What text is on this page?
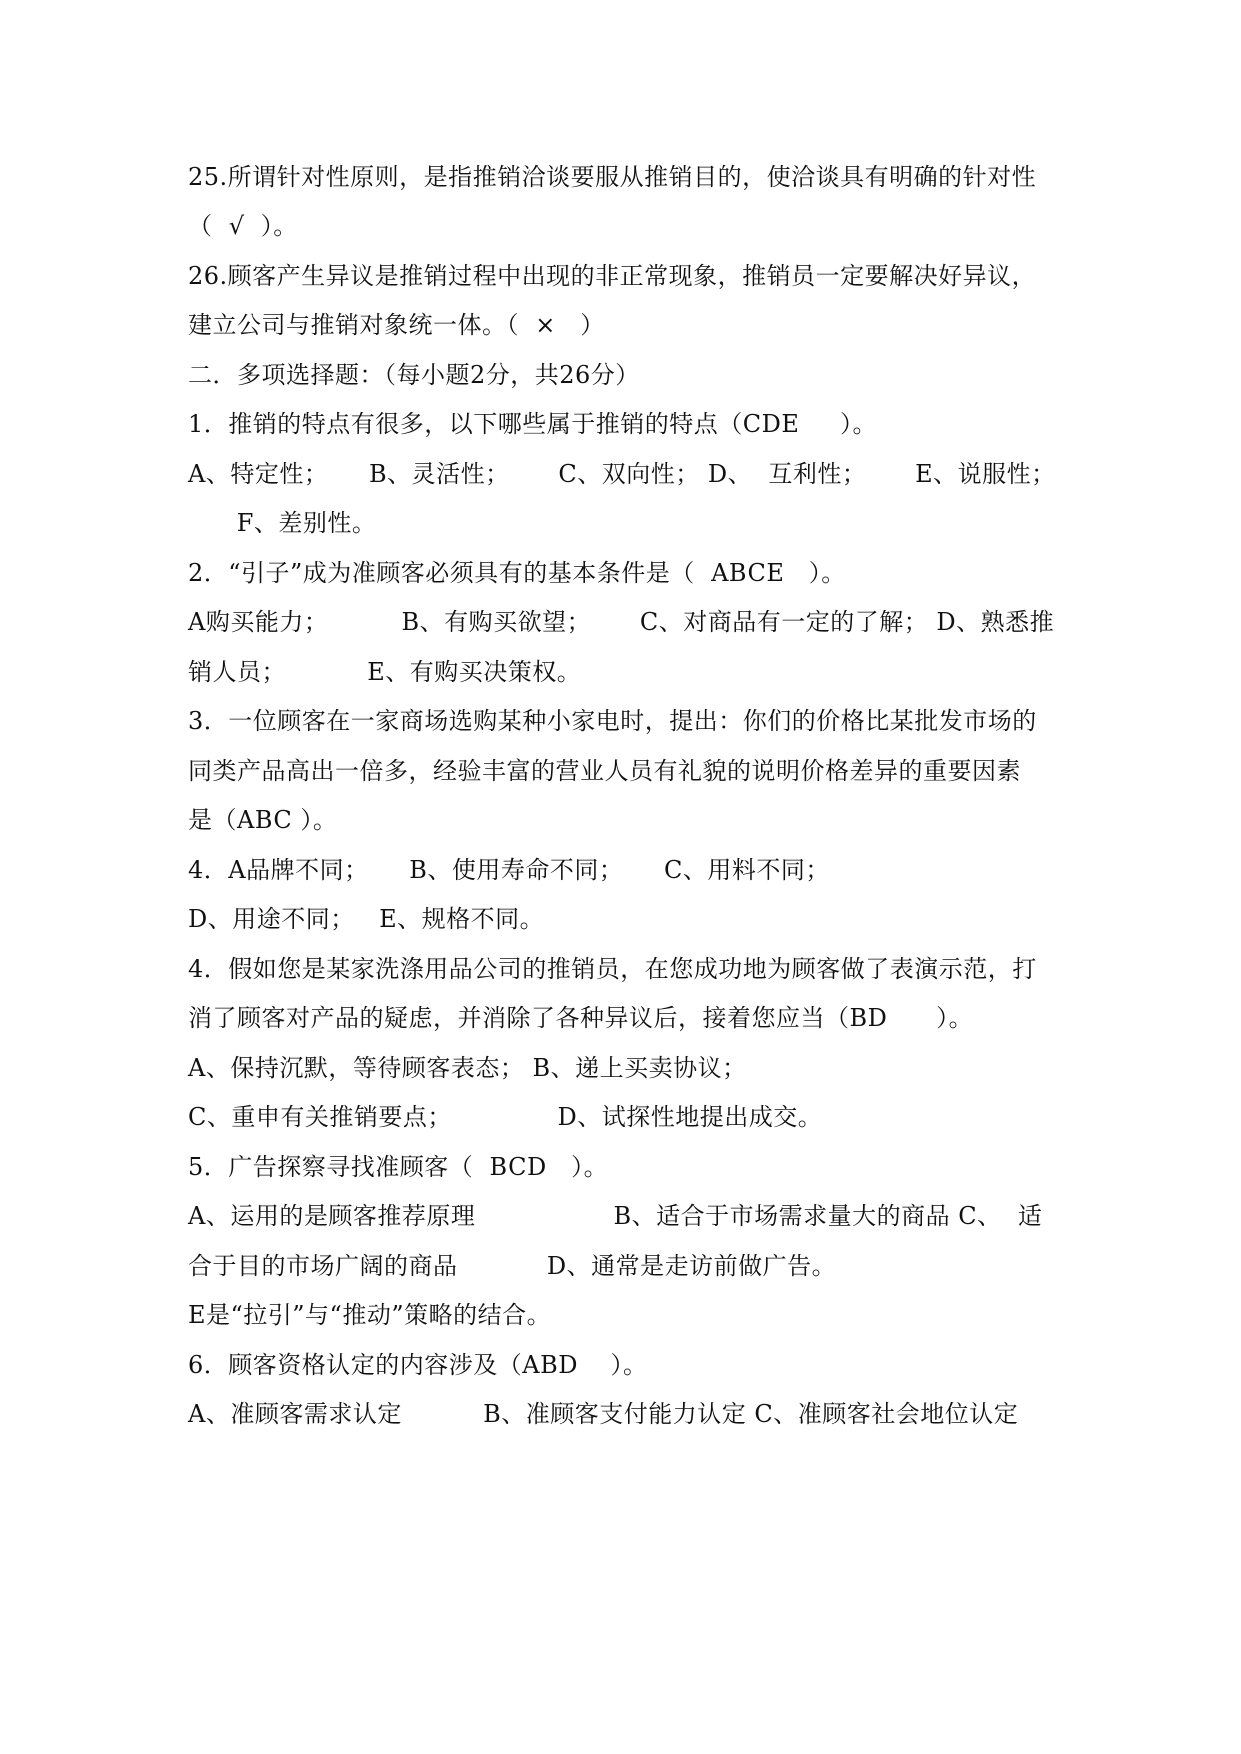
25.所谓针对性原则，是指推销洽谈要服从推销目的，使洽谈具有明确的针对性
（  √  ）。
26.顾客产生异议是推销过程中出现的非正常现象，推销员一定要解决好异议，
建立公司与推销对象统一体。（  ×   ）
二．多项选择题：（每小题2分，共26分）
1．推销的特点有很多，以下哪些属于推销的特点（CDE     ）。
A、特定性；     B、灵活性；      C、双向性； D、  互利性；      E、说服性；
F、差别性。
2．“引子”成为准顾客必须具有的基本条件是（  ABCE   ）。
A购买能力；         B、有购买欲望；      C、对商品有一定的了解； D、熟悉推
销人员；          E、有购买决策权。
3．一位顾客在一家商场选购某种小家电时，提出：你们的价格比某批发市场的
同类产品高出一倍多，经验丰富的营业人员有礼貌的说明价格差异的重要因素
是（ABC ）。
4．A品牌不同；     B、使用寿命不同；     C、用料不同；
D、用途不同；   E、规格不同。
4．假如您是某家洗涤用品公司的推销员，在您成功地为顾客做了表演示范，打
消了顾客对产品的疑虑，并消除了各种异议后，接着您应当（BD      ）。
A、保持沉默，等待顾客表态； B、递上买卖协议；
C、重申有关推销要点；             D、试探性地提出成交。
5．广告探察寻找准顾客（  BCD   ）。
A、运用的是顾客推荐原理                 B、适合于市场需求量大的商品 C、  适
合于目的市场广阔的商品           D、通常是走访前做广告。
E是“拉引”与“推动”策略的结合。
6．顾客资格认定的内容涉及（ABD    ）。
A、准顾客需求认定          B、准顾客支付能力认定 C、准顾客社会地位认定
